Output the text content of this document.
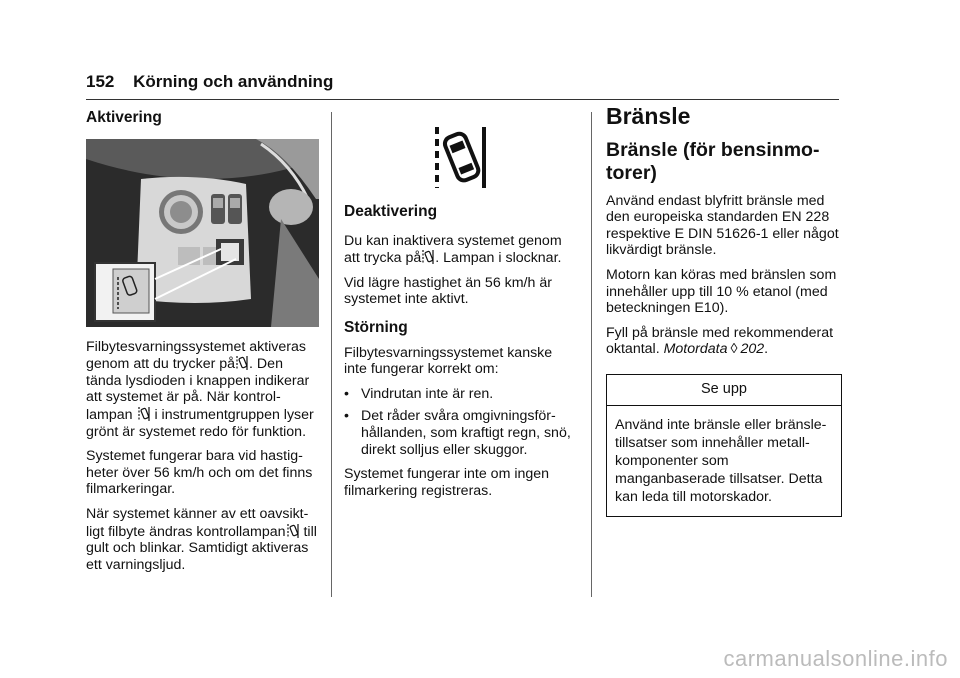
152 Körning och användning
Aktivering

Filbytesvarningssystemet aktiveras genom att du trycker på . Den tända lysdioden i knappen indikerar att systemet är på. När kontrol-lampan i instrumentgruppen lyser grönt är systemet redo för funktion.

Systemet fungerar bara vid hastig-heter över 56 km/h och om det finns filmarkeringar.

När systemet känner av ett oavsikt-ligt filbyte ändras kontrollampan till gult och blinkar. Samtidigt aktiveras ett varningsljud.

Deaktivering

Du kan inaktivera systemet genom att trycka på . Lampan i slocknar.

Vid lägre hastighet än 56 km/h är systemet inte aktivt.

Störning

Filbytesvarningssystemet kanske inte fungerar korrekt om:

• Vindrutan inte är ren.
• Det råder svåra omgivningsför-hållanden, som kraftigt regn, snö, direkt solljus eller skuggor.

Systemet fungerar inte om ingen filmarkering registreras.

Bränsle
Bränsle (för bensinmo-torer)

Använd endast blyfritt bränsle med den europeiska standarden EN 228 respektive E DIN 51626-1 eller något likvärdigt bränsle.

Motorn kan köras med bränslen som innehåller upp till 10 % etanol (med beteckningen E10).

Fyll på bränsle med rekommenderat oktantal. Motordata ◊ 202.

Se upp
Använd inte bränsle eller bränsle-tillsatser som innehåller metall-komponenter som manganbaserade tillsatser. Detta kan leda till motorskador.
carmanualsonline.info
